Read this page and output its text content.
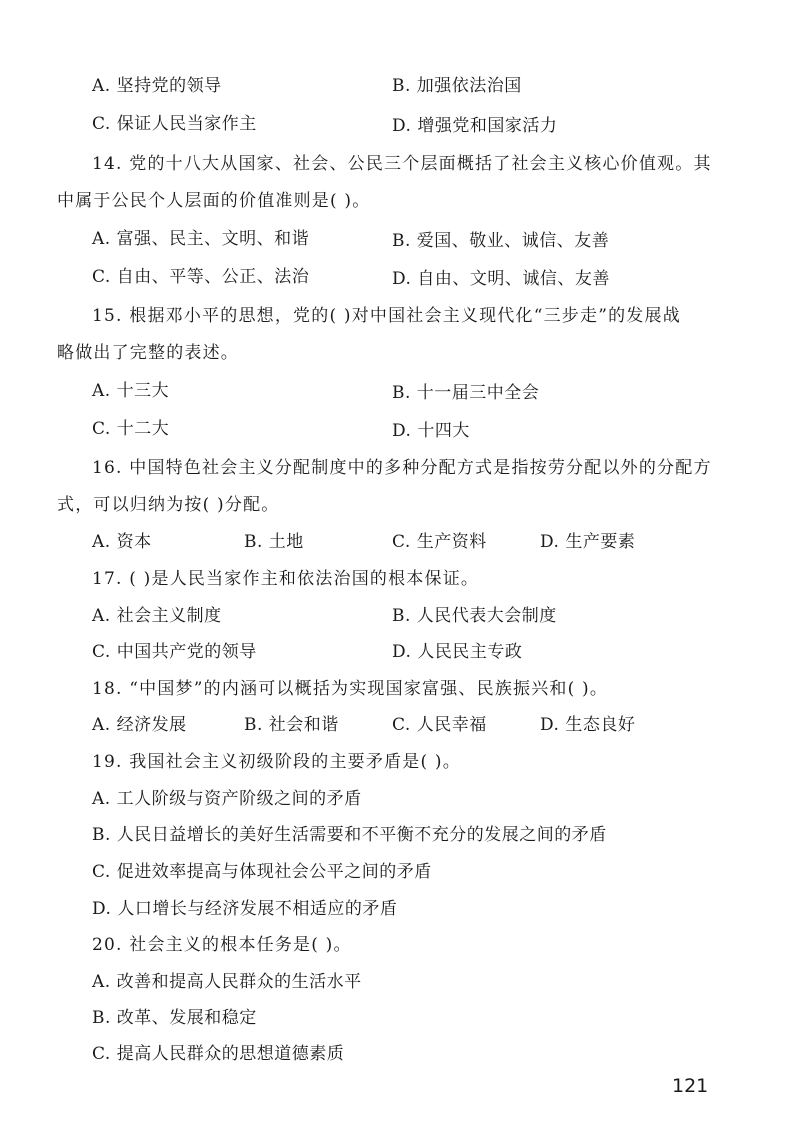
A. 坚持党的领导	B. 加强依法治国
C. 保证人民当家作主	D. 增强党和国家活力
14. 党的十八大从国家、社会、公民三个层面概括了社会主义核心价值观。其
中属于公民个人层面的价值准则是( )。
A. 富强、民主、文明、和谐	B. 爱国、敬业、诚信、友善
C. 自由、平等、公正、法治	D. 自由、文明、诚信、友善
15. 根据邓小平的思想，党的( )对中国社会主义现代化“三步走”的发展战
略做出了完整的表述。
A. 十三大	B. 十一届三中全会
C. 十二大	D. 十四大
16. 中国特色社会主义分配制度中的多种分配方式是指按劳分配以外的分配方
式，可以归纳为按( )分配。
A. 资本	B. 土地	C. 生产资料	D. 生产要素
17. ( )是人民当家作主和依法治国的根本保证。
A. 社会主义制度	B. 人民代表大会制度
C. 中国共产党的领导	D. 人民民主专政
18. “中国梦”的内涵可以概括为实现国家富强、民族振兴和( )。
A. 经济发展	B. 社会和谐	C. 人民幸福	D. 生态良好
19. 我国社会主义初级阶段的主要矛盾是( )。
A. 工人阶级与资产阶级之间的矛盾
B. 人民日益增长的美好生活需要和不平衡不充分的发展之间的矛盾
C. 促进效率提高与体现社会公平之间的矛盾
D. 人口增长与经济发展不相适应的矛盾
20. 社会主义的根本任务是( )。
A. 改善和提高人民群众的生活水平
B. 改革、发展和稳定
C. 提高人民群众的思想道德素质
121
